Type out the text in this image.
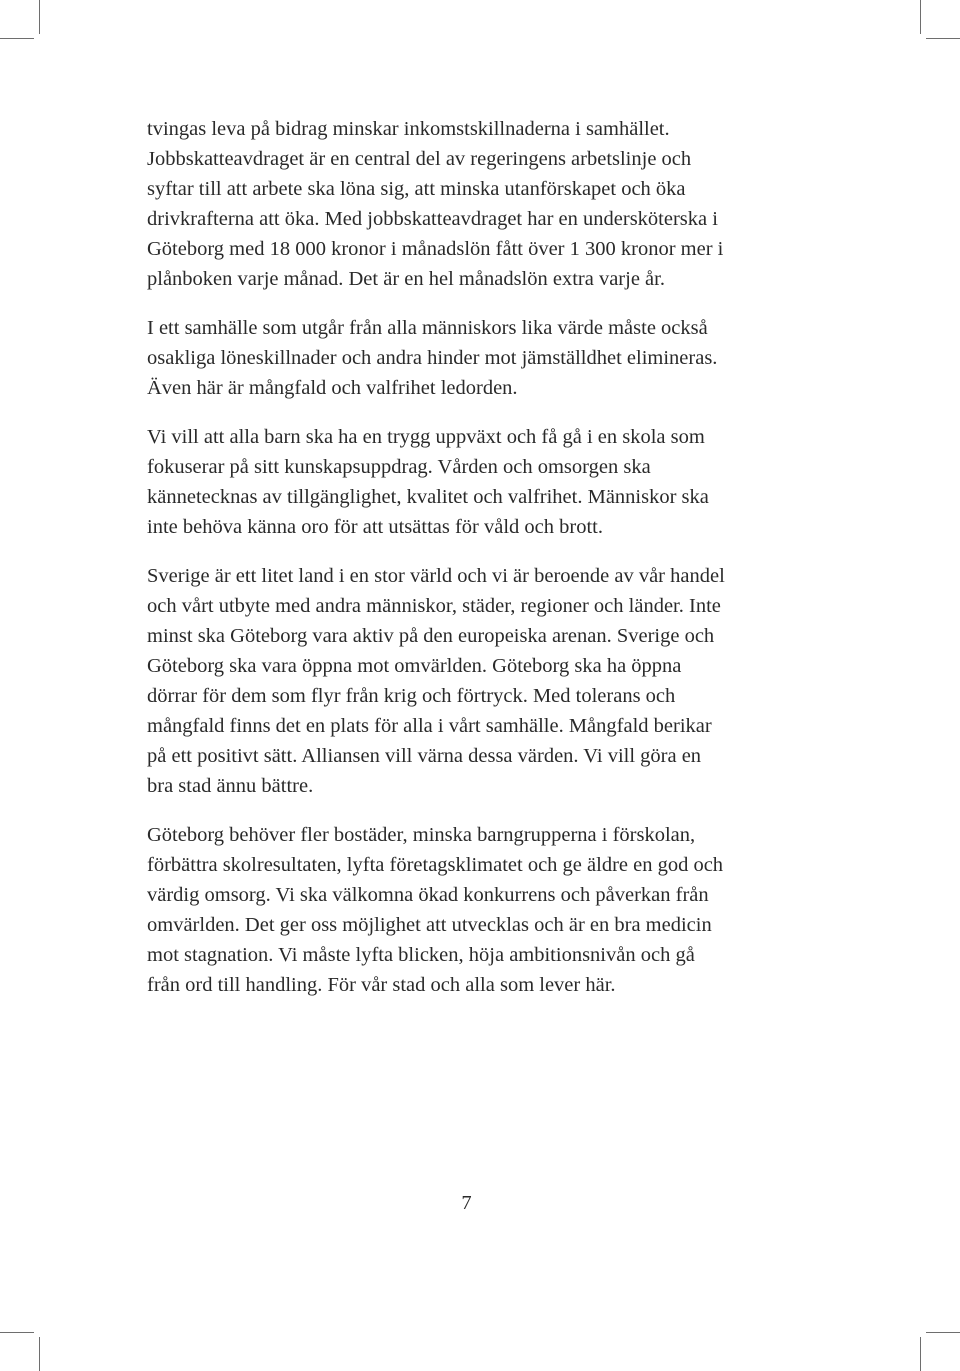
tvingas leva på bidrag minskar inkomstskillnaderna i samhället.
Jobbskatteavdraget är en central del av regeringens arbetslinje och
syftar till att arbete ska löna sig, att minska utanförskapet och öka
drivkrafterna att öka. Med jobbskatteavdraget har en undersköterska i
Göteborg med 18 000 kronor i månadslön fått över 1 300 kronor mer i
plånboken varje månad. Det är en hel månadslön extra varje år.

I ett samhälle som utgår från alla människors lika värde måste också
osakliga löneskillnader och andra hinder mot jämställdhet elimineras.
Även här är mångfald och valfrihet ledorden.

Vi vill att alla barn ska ha en trygg uppväxt och få gå i en skola som
fokuserar på sitt kunskapsuppdrag. Vården och omsorgen ska
kännetecknas av tillgänglighet, kvalitet och valfrihet. Människor ska
inte behöva känna oro för att utsättas för våld och brott.

Sverige är ett litet land i en stor värld och vi är beroende av vår handel
och vårt utbyte med andra människor, städer, regioner och länder. Inte
minst ska Göteborg vara aktiv på den europeiska arenan. Sverige och
Göteborg ska vara öppna mot omvärlden. Göteborg ska ha öppna
dörrar för dem som flyr från krig och förtryck. Med tolerans och
mångfald finns det en plats för alla i vårt samhälle. Mångfald berikar
på ett positivt sätt. Alliansen vill värna dessa värden. Vi vill göra en
bra stad ännu bättre.

Göteborg behöver fler bostäder, minska barngrupperna i förskolan,
förbättra skolresultaten, lyfta företagsklimatet och ge äldre en god och
värdig omsorg. Vi ska välkomna ökad konkurrens och påverkan från
omvärlden. Det ger oss möjlighet att utvecklas och är en bra medicin
mot stagnation. Vi måste lyfta blicken, höja ambitionsnivån och gå
från ord till handling. För vår stad och alla som lever här.

7
